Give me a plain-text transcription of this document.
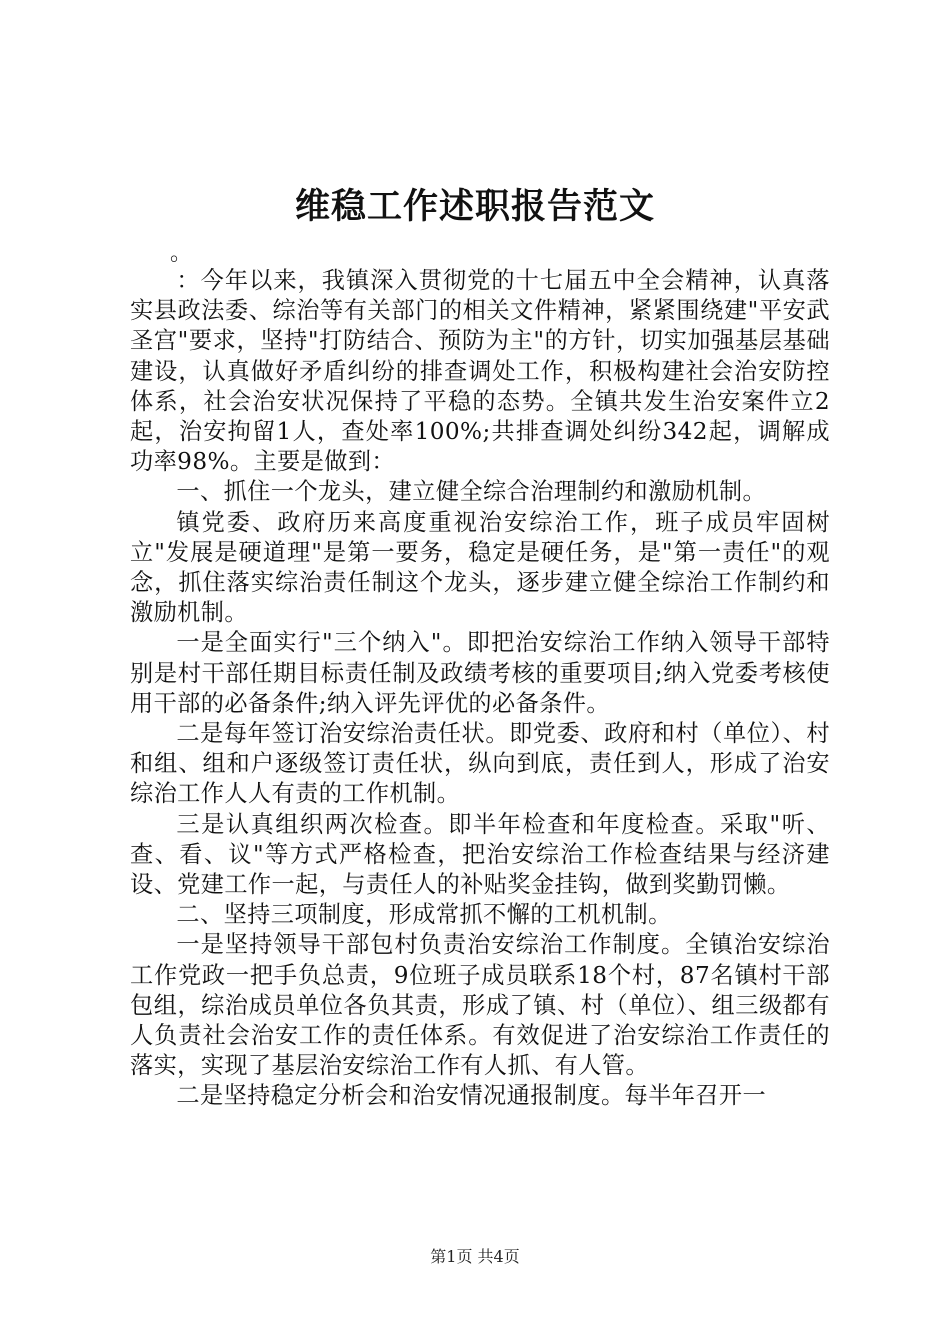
维稳工作述职报告范文
。

：今年以来，我镇深入贯彻党的十七届五中全会精神，认真落实县政法委、综治等有关部门的相关文件精神，紧紧围绕建"平安武圣宫"要求，坚持"打防结合、预防为主"的方针，切实加强基层基础建设，认真做好矛盾纠纷的排查调处工作，积极构建社会治安防控体系，社会治安状况保持了平稳的态势。全镇共发生治安案件立2起，治安拘留1人，查处率100%;共排查调处纠纷342起，调解成功率98%。主要是做到：

一、抓住一个龙头，建立健全综合治理制约和激励机制。

镇党委、政府历来高度重视治安综治工作，班子成员牢固树立"发展是硬道理"是第一要务，稳定是硬任务，是"第一责任"的观念，抓住落实综治责任制这个龙头，逐步建立健全综治工作制约和激励机制。

一是全面实行"三个纳入"。即把治安综治工作纳入领导干部特别是村干部任期目标责任制及政绩考核的重要项目;纳入党委考核使用干部的必备条件;纳入评先评优的必备条件。

二是每年签订治安综治责任状。即党委、政府和村（单位）、村和组、组和户逐级签订责任状，纵向到底，责任到人，形成了治安综治工作人人有责的工作机制。

三是认真组织两次检查。即半年检查和年度检查。采取"听、查、看、议"等方式严格检查，把治安综治工作检查结果与经济建设、党建工作一起，与责任人的补贴奖金挂钩，做到奖勤罚懒。

二、坚持三项制度，形成常抓不懈的工机机制。

一是坚持领导干部包村负责治安综治工作制度。全镇治安综治工作党政一把手负总责，9位班子成员联系18个村，87名镇村干部包组，综治成员单位各负其责，形成了镇、村（单位）、组三级都有人负责社会治安工作的责任体系。有效促进了治安综治工作责任的落实，实现了基层治安综治工作有人抓、有人管。

二是坚持稳定分析会和治安情况通报制度。每半年召开一

第1页 共4页
